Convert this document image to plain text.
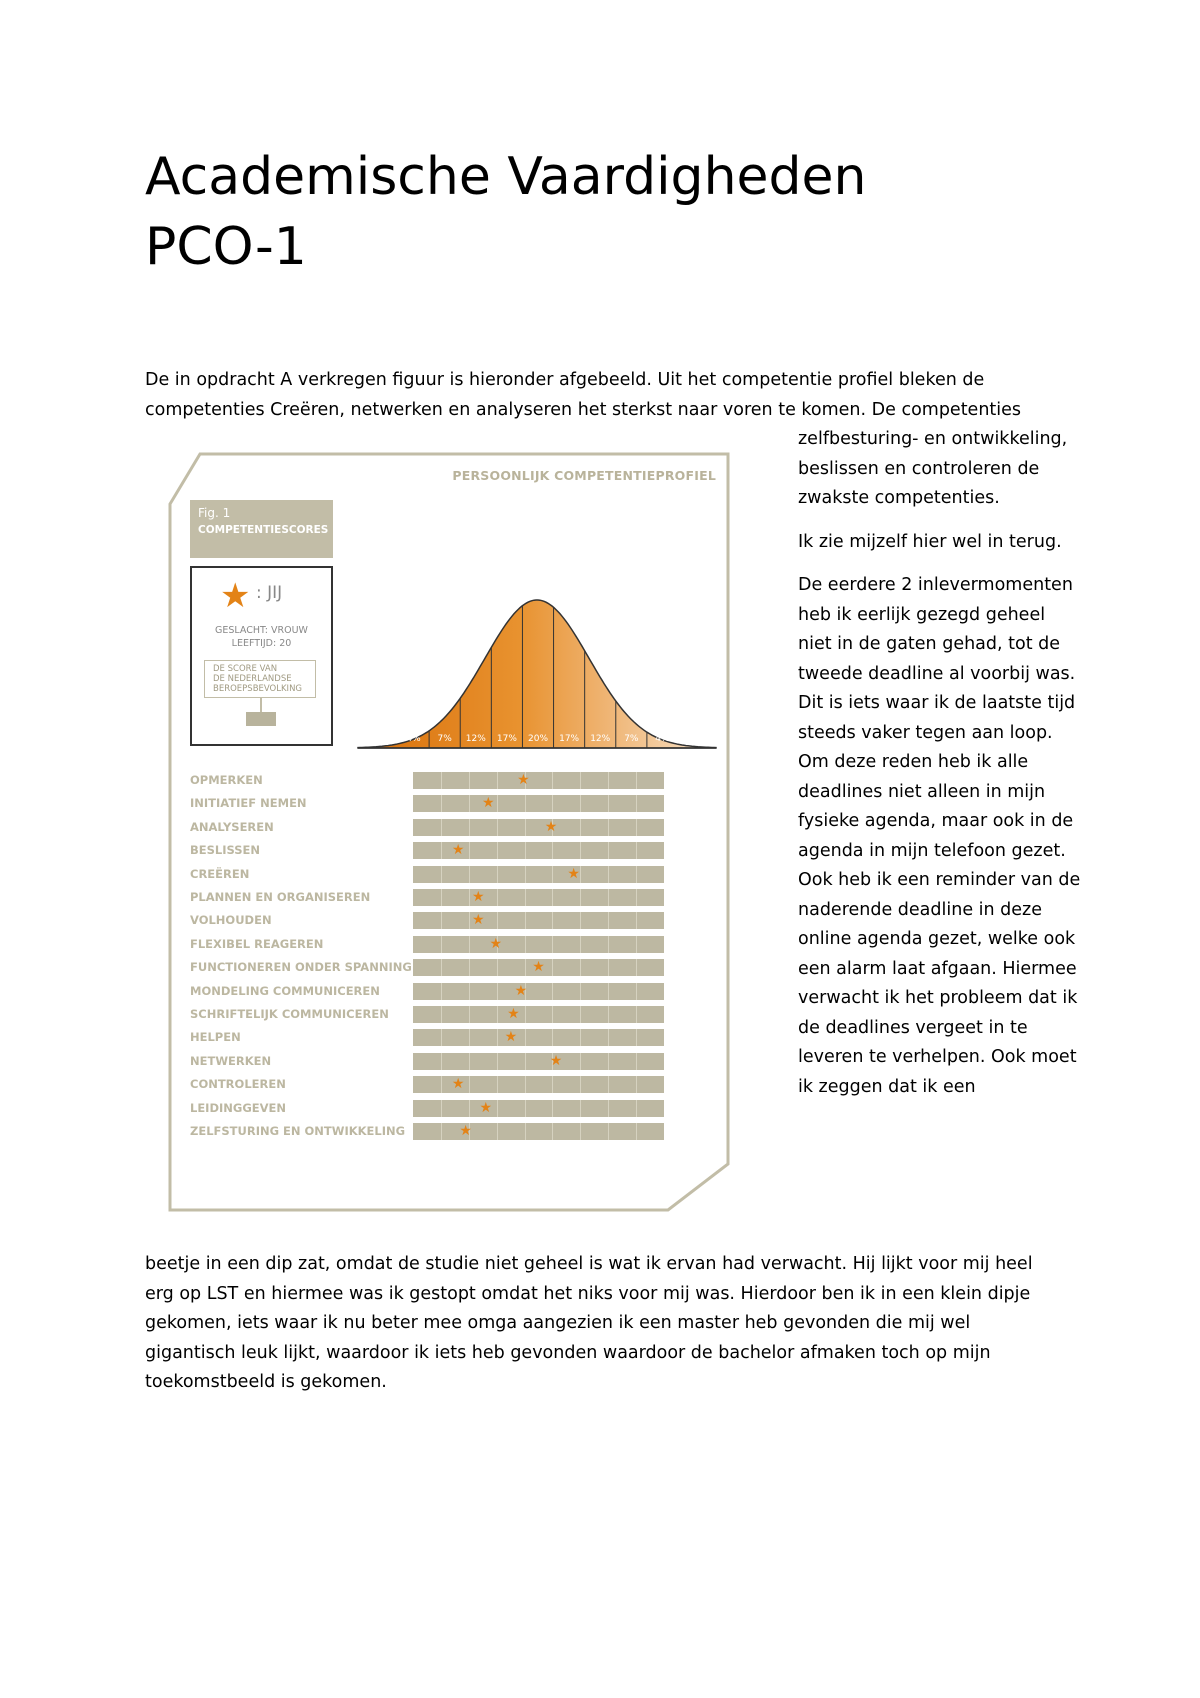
Academische Vaardigheden
PCO-1

De in opdracht A verkregen figuur is hieronder afgebeeld. Uit het competentie profiel bleken de competenties Creëren, netwerken en analyseren het sterkst naar voren te komen. De competenties

zelfbesturing- en ontwikkeling, beslissen en controleren de zwakste competenties.

Ik zie mijzelf hier wel in terug.

De eerdere 2 inlevermomenten heb ik eerlijk gezegd geheel niet in de gaten gehad, tot de tweede deadline al voorbij was. Dit is iets waar ik de laatste tijd steeds vaker tegen aan loop. Om deze reden heb ik alle deadlines niet alleen in mijn fysieke agenda, maar ook in de agenda in mijn telefoon gezet. Ook heb ik een reminder van de naderende deadline in deze online agenda gezet, welke ook een alarm laat afgaan. Hiermee verwacht ik het probleem dat ik de deadlines vergeet in te leveren te verhelpen. Ook moet ik zeggen dat ik een

beetje in een dip zat, omdat de studie niet geheel is wat ik ervan had verwacht. Hij lijkt voor mij heel erg op LST en hiermee was ik gestopt omdat het niks voor mij was. Hierdoor ben ik in een klein dipje gekomen, iets waar ik nu beter mee omga aangezien ik een master heb gevonden die mij wel gigantisch leuk lijkt, waardoor ik iets heb gevonden waardoor de bachelor afmaken toch op mijn toekomstbeeld is gekomen.

PERSOONLIJK COMPETENTIEPROFIEL
Fig. 1
COMPETENTIESCORES
★ : JIJ
GESLACHT: VROUW
LEEFTIJD: 20
DE SCORE VAN
DE NEDERLANDSE
BEROEPSBEVOLKING
4% 7% 12% 17% 20% 17% 12% 7% 4%
OPMERKEN	★
INITIATIEF NEMEN	★
ANALYSEREN	★
BESLISSEN	★
CREËREN	★
PLANNEN EN ORGANISEREN	★
VOLHOUDEN	★
FLEXIBEL REAGEREN	★
FUNCTIONEREN ONDER SPANNING	★
MONDELING COMMUNICEREN	★
SCHRIFTELIJK COMMUNICEREN	★
HELPEN	★
NETWERKEN	★
CONTROLEREN	★
LEIDINGGEVEN	★
ZELFSTURING EN ONTWIKKELING	★
